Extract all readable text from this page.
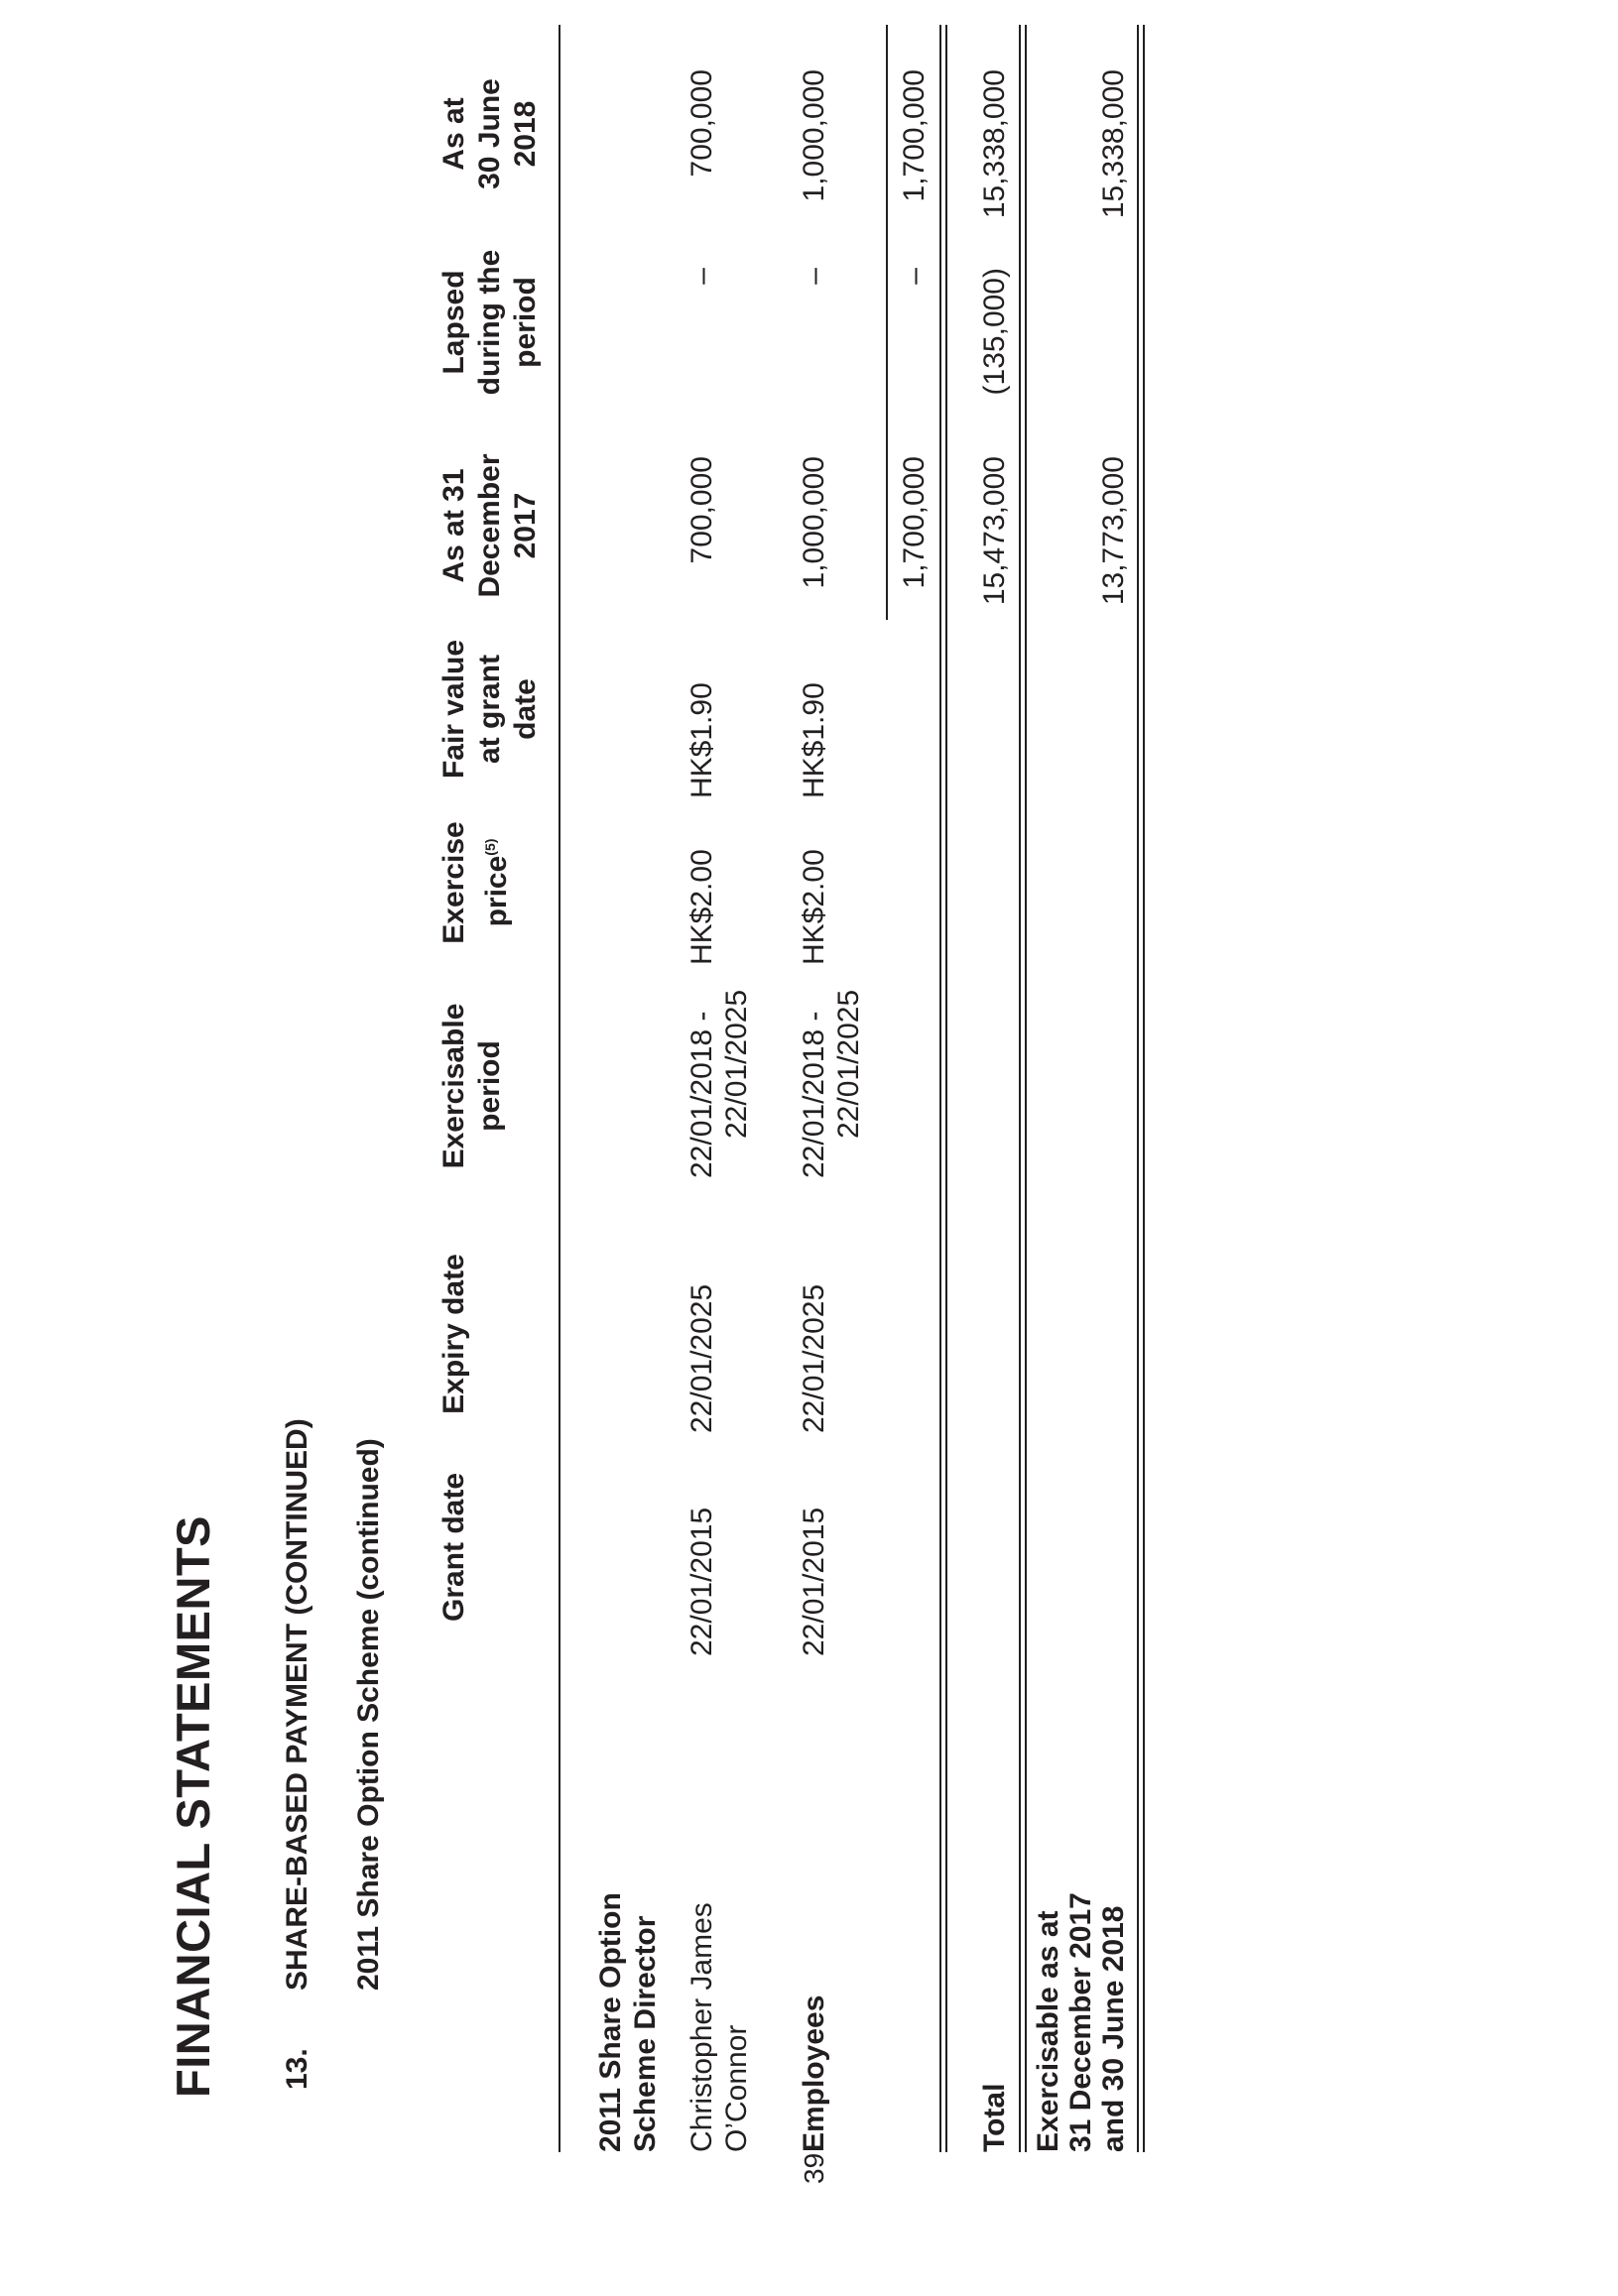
FINANCIAL STATEMENTS 13.
SHARE-BASED PAYMENT (CONTINUED) 2011 Share Option Scheme (continued) Grant date
Expiry date
Exercisable period
Exercise price$^{(5)}$
Fair value at grant date
As at 31 December 2017
Lapsed during the period
As at 30 June 2018
2011 Share Option Scheme Director Christopher James O’Connor
22/01/2015
22/01/2025
22/01/2018 - 22/01/2025
HK$2.00
HK$1.90
700,000
–
700,000
Employees
22/01/2015
22/01/2025
22/01/2018 - 22/01/2025
HK$2.00
HK$1.90
1,000,000
–
1,000,000
1,700,000
–
1,700,000
Total
15,473,000
(135,000)
15,338,000
Exercisable as at 31 December 2017 and 30 June 2018
13,773,000
15,338,000
39
